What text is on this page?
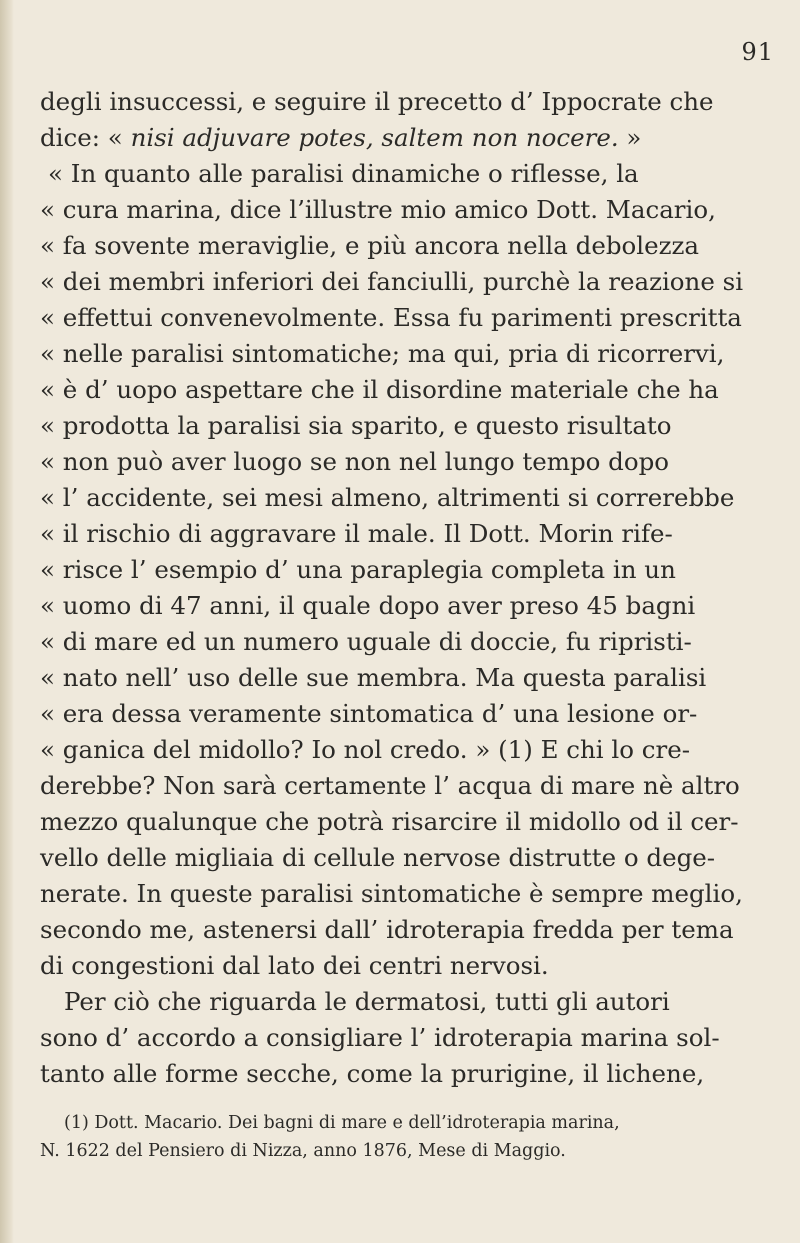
91
degli insuccessi, e seguire il precetto d’ Ippocrate che
dice: « nisi adjuvare potes, saltem non nocere. »
« In quanto alle paralisi dinamiche o riflesse, la
« cura marina, dice l’illustre mio amico Dott. Macario,
« fa sovente meraviglie, e più ancora nella debolezza
« dei membri inferiori dei fanciulli, purchè la reazione si
« effettui convenevolmente. Essa fu parimenti prescritta
« nelle paralisi sintomatiche; ma qui, pria di ricorrervi,
« è d’ uopo aspettare che il disordine materiale che ha
« prodotta la paralisi sia sparito, e questo risultato
« non può aver luogo se non nel lungo tempo dopo
« l’ accidente, sei mesi almeno, altrimenti si correrebbe
« il rischio di aggravare il male. Il Dott. Morin rife-
« risce l’ esempio d’ una paraplegia completa in un
« uomo di 47 anni, il quale dopo aver preso 45 bagni
« di mare ed un numero uguale di doccie, fu ripristi-
« nato nell’ uso delle sue membra. Ma questa paralisi
« era dessa veramente sintomatica d’ una lesione or-
« ganica del midollo? Io nol credo. » (1) E chi lo cre-
derebbe? Non sarà certamente l’ acqua di mare nè altro
mezzo qualunque che potrà risarcire il midollo od il cer-
vello delle migliaia di cellule nervose distrutte o dege-
nerate. In queste paralisi sintomatiche è sempre meglio,
secondo me, astenersi dall’ idroterapia fredda per tema
di congestioni dal lato dei centri nervosi.
Per ciò che riguarda le dermatosi, tutti gli autori
sono d’ accordo a consigliare l’ idroterapia marina sol-
tanto alle forme secche, come la prurigine, il lichene,
(1) Dott. Macario. Dei bagni di mare e dell’idroterapia marina,
N. 1622 del Pensiero di Nizza, anno 1876, Mese di Maggio.
